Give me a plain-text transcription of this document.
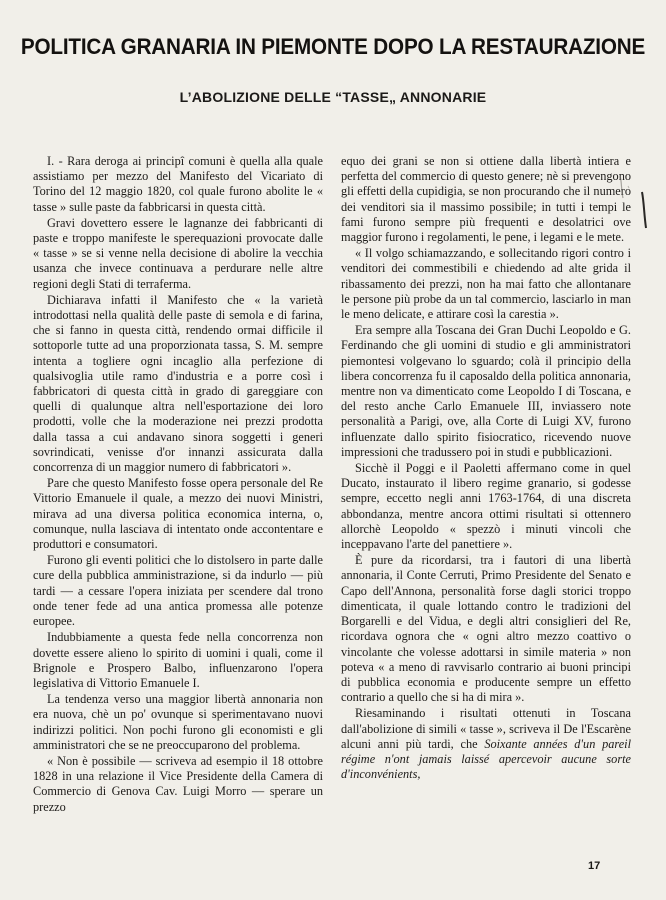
POLITICA GRANARIA IN PIEMONTE DOPO LA RESTAURAZIONE
L’ABOLIZIONE DELLE “TASSE„ ANNONARIE

I. - Rara deroga ai principî comuni è quella alla quale assistiamo per mezzo del Manifesto del Vicariato di Torino del 12 maggio 1820, col quale furono abolite le « tasse » sulle paste da fabbricarsi in questa città.

Gravi dovettero essere le lagnanze dei fabbricanti di paste e troppo manifeste le sperequazioni provocate dalle « tasse » se si venne nella decisione di abolire la vecchia usanza che invece continuava a perdurare nelle altre regioni degli Stati di terraferma.

Dichiarava infatti il Manifesto che « la varietà introdottasi nella qualità delle paste di semola e di farina, che si fanno in questa città, rendendo ormai difficile il sottoporle tutte ad una proporzionata tassa, S. M. sempre intenta a togliere ogni incaglio alla perfezione di qualsivoglia utile ramo d'industria e a porre così i fabbricatori di questa città in grado di gareggiare con quelli di qualunque altra nell'esportazione dei loro prodotti, volle che la moderazione nei prezzi prodotta dalla tassa a cui andavano sinora soggetti i generi sovrindicati, venisse d'or innanzi assicurata dalla concorrenza di un maggior numero di fabbricatori ».

Pare che questo Manifesto fosse opera personale del Re Vittorio Emanuele il quale, a mezzo dei nuovi Ministri, mirava ad una diversa politica economica interna, o, comunque, nulla lasciava di intentato onde accontentare e produttori e consumatori.

Furono gli eventi politici che lo distolsero in parte dalle cure della pubblica amministrazione, si da indurlo — più tardi — a cessare l'opera iniziata per scendere dal trono onde tener fede ad una antica promessa alle potenze europee.

Indubbiamente a questa fede nella concorrenza non dovette essere alieno lo spirito di uomini i quali, come il Brignole e Prospero Balbo, influenzarono l'opera legislativa di Vittorio Emanuele I.

La tendenza verso una maggior libertà annonaria non era nuova, chè un po' ovunque si sperimentavano nuovi indirizzi politici. Non pochi furono gli economisti e gli amministratori che se ne preoccuparono del problema.

« Non è possibile — scriveva ad esempio il 18 ottobre 1828 in una relazione il Vice Presidente della Camera di Commercio di Genova Cav. Luigi Morro — sperare un prezzo

equo dei grani se non si ottiene dalla libertà intiera e perfetta del commercio di questo genere; nè si prevengono gli effetti della cupidigia, se non procurando che il numero dei venditori sia il massimo possibile; in tutti i tempi le fami furono sempre più frequenti e desolatrici ove maggior furono i regolamenti, le pene, i legami e le mete.

« Il volgo schiamazzando, e sollecitando rigori contro i venditori dei commestibili e chiedendo ad alte grida il ribassamento dei prezzi, non ha mai fatto che allontanare le persone più probe da un tal commercio, lasciarlo in man le meno delicate, e attirare così la carestia ».

Era sempre alla Toscana dei Gran Duchi Leopoldo e G. Ferdinando che gli uomini di studio e gli amministratori piemontesi volgevano lo sguardo; colà il principio della libera concorrenza fu il caposaldo della politica annonaria, mentre non va dimenticato come Leopoldo I di Toscana, e del resto anche Carlo Emanuele III, inviassero note personalità a Parigi, ove, alla Corte di Luigi XV, furono influenzate dallo spirito fisiocratico, ricevendo nuove impressioni che tradussero poi in studi e pubblicazioni.

Sicchè il Poggi e il Paoletti affermano come in quel Ducato, instaurato il libero regime granario, si godesse sempre, eccetto negli anni 1763-1764, di una discreta abbondanza, mentre ancora ottimi risultati si ottennero allorchè Leopoldo « spezzò i minuti vincoli che inceppavano l'arte del panettiere ».

È pure da ricordarsi, tra i fautori di una libertà annonaria, il Conte Cerruti, Primo Presidente del Senato e Capo dell'Annona, personalità forse dagli storici troppo dimenticata, il quale lottando contro le tradizioni del Borgarelli e del Vidua, e degli altri consiglieri del Re, ricordava ognora che « ogni altro mezzo coattivo o vincolante che volesse adottarsi in simile materia » non poteva « a meno di ravvisarlo contrario ai buoni principi di pubblica economia e producente sempre un effetto contrario a quello che si ha di mira ».

Riesaminando i risultati ottenuti in Toscana dall'abolizione di simili « tasse », scriveva il De l'Escarène alcuni anni più tardi, che Soixante années d'un pareil régime n'ont jamais laissé apercevoir aucune sorte d'inconvénients,

17
